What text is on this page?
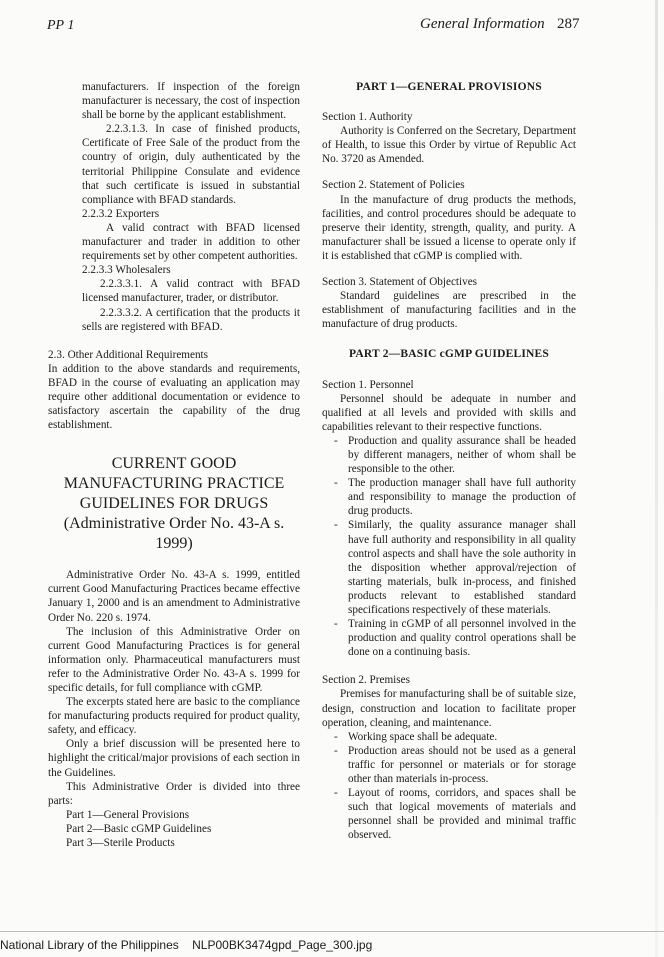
PP 1	General Information 287

manufacturers. If inspection of the foreign manufacturer is necessary, the cost of inspection shall be borne by the applicant establishment.

2.2.3.1.3. In case of finished products, Certificate of Free Sale of the product from the country of origin, duly authenticated by the territorial Philippine Consulate and evidence that such certificate is issued in substantial compliance with BFAD standards.

2.2.3.2 Exporters

A valid contract with BFAD licensed manufacturer and trader in addition to other requirements set by other competent authorities.

2.2.3.3 Wholesalers

2.2.3.3.1. A valid contract with BFAD licensed manufacturer, trader, or distributor.

2.2.3.3.2. A certification that the products it sells are registered with BFAD.

2.3. Other Additional Requirements

In addition to the above standards and requirements, BFAD in the course of evaluating an application may require other additional documentation or evidence to satisfactory ascertain the capability of the drug establishment.

CURRENT GOOD
MANUFACTURING PRACTICE
GUIDELINES FOR DRUGS
(Administrative Order No. 43-A s. 1999)

Administrative Order No. 43-A s. 1999, entitled current Good Manufacturing Practices became effective January 1, 2000 and is an amendment to Administrative Order No. 220 s. 1974.

The inclusion of this Administrative Order on current Good Manufacturing Practices is for general information only. Pharmaceutical manufacturers must refer to the Administrative Order No. 43-A s. 1999 for specific details, for full compliance with cGMP.

The excerpts stated here are basic to the compliance for manufacturing products required for product quality, safety, and efficacy.

Only a brief discussion will be presented here to highlight the critical/major provisions of each section in the Guidelines.

This Administrative Order is divided into three parts:

Part 1—General Provisions

Part 2—Basic cGMP Guidelines

Part 3—Sterile Products

PART 1—GENERAL PROVISIONS

Section 1. Authority

Authority is Conferred on the Secretary, Department of Health, to issue this Order by virtue of Republic Act No. 3720 as Amended.

Section 2. Statement of Policies

In the manufacture of drug products the methods, facilities, and control procedures should be adequate to preserve their identity, strength, quality, and purity. A manufacturer shall be issued a license to operate only if it is established that cGMP is complied with.

Section 3. Statement of Objectives

Standard guidelines are prescribed in the establishment of manufacturing facilities and in the manufacture of drug products.

PART 2—BASIC cGMP GUIDELINES

Section 1. Personnel

Personnel should be adequate in number and qualified at all levels and provided with skills and capabilities relevant to their respective functions.

- Production and quality assurance shall be headed by different managers, neither of whom shall be responsible to the other.
- The production manager shall have full authority and responsibility to manage the production of drug products.
- Similarly, the quality assurance manager shall have full authority and responsibility in all quality control aspects and shall have the sole authority in the disposition whether approval/rejection of starting materials, bulk in-process, and finished products relevant to established standard specifications respectively of these materials.
- Training in cGMP of all personnel involved in the production and quality control operations shall be done on a continuing basis.

Section 2. Premises

Premises for manufacturing shall be of suitable size, design, construction and location to facilitate proper operation, cleaning, and maintenance.

- Working space shall be adequate.
- Production areas should not be used as a general traffic for personnel or materials or for storage other than materials in-process.
- Layout of rooms, corridors, and spaces shall be such that logical movements of materials and personnel shall be provided and minimal traffic observed.
National Library of the Philippines NLP00BK3474gpd_Page_300.jpg
